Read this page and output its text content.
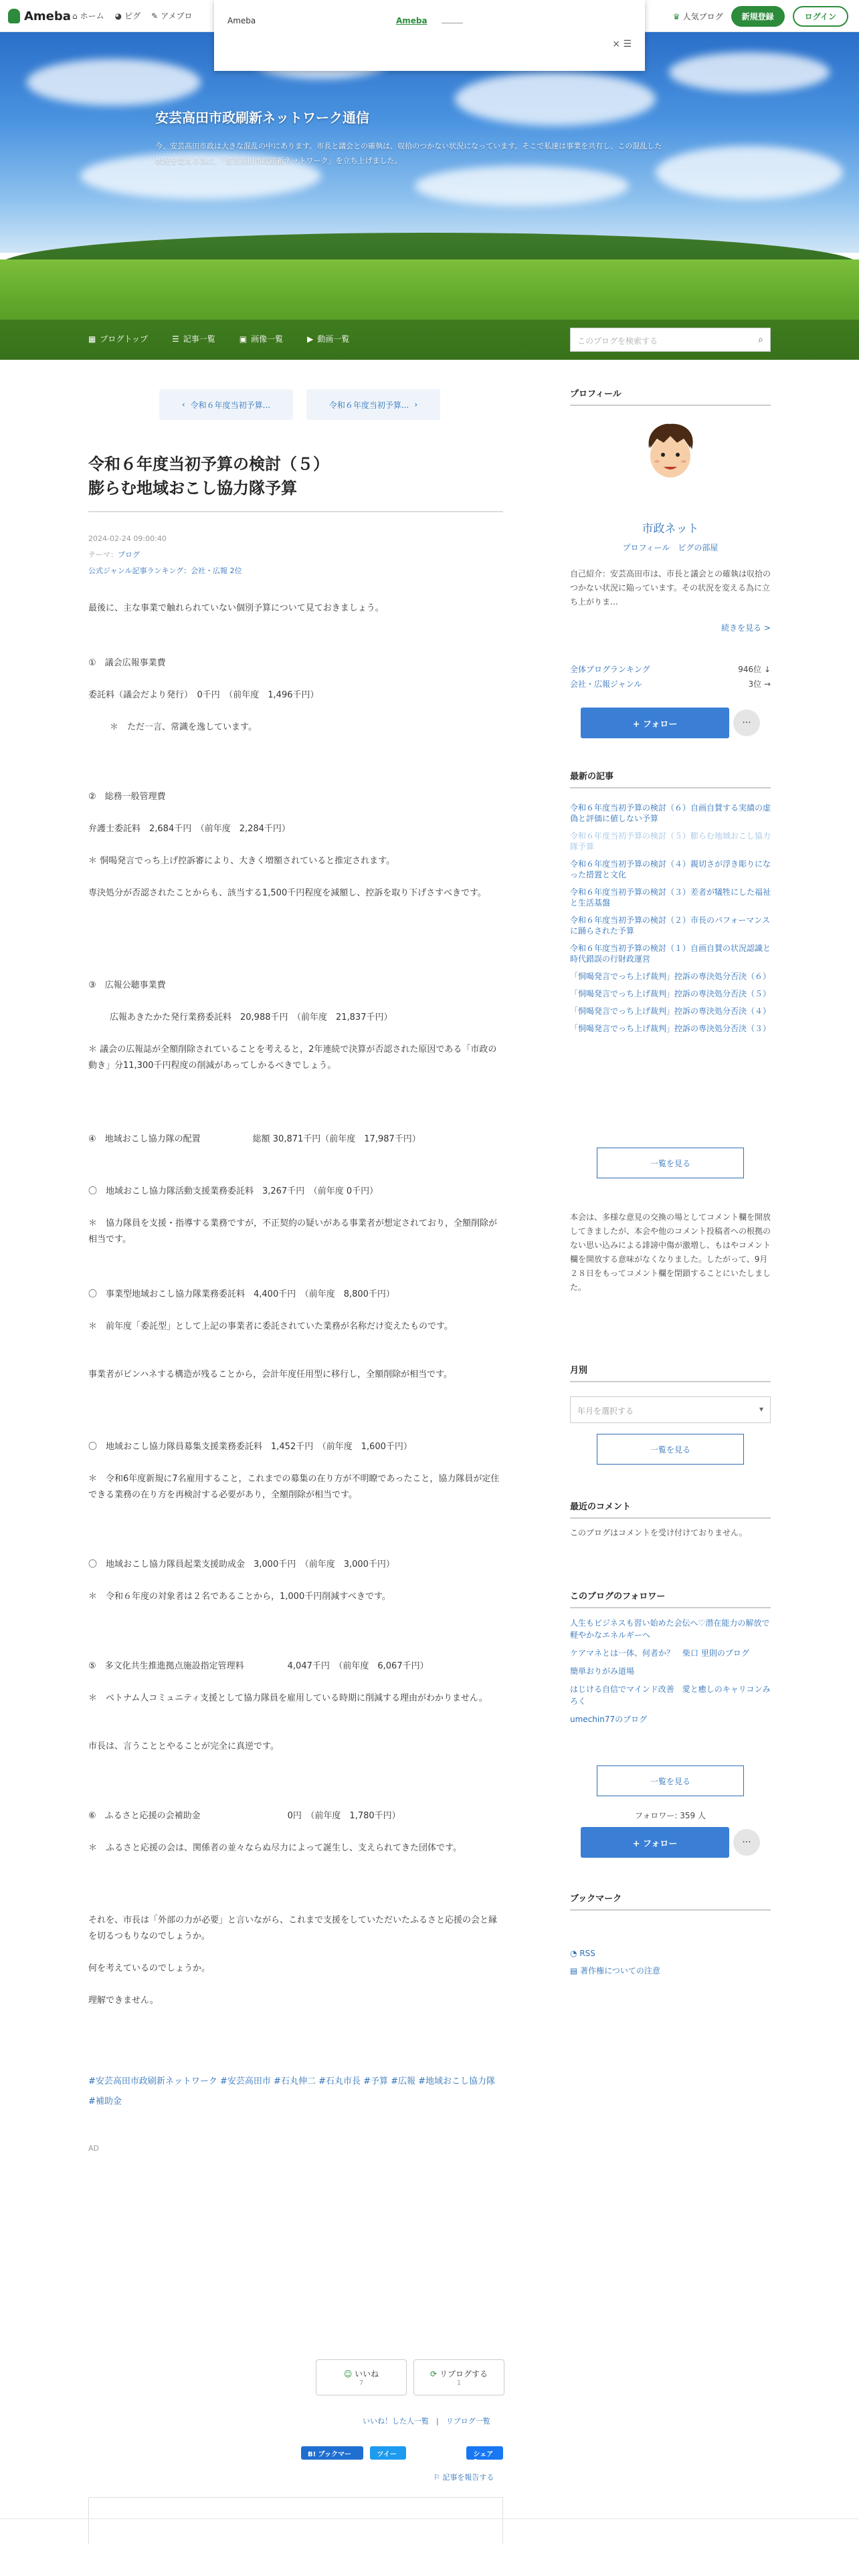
Ameba ⌂ ホーム ◕ ピグ ✎ アメブロ	♛ 人気ブログ	新規登録	ログイン
Ameba	Ameba
× ☰
安芸高田市政刷新ネットワーク通信
今、安芸高田市政は大きな混乱の中にあります。市長と議会との確執は、収拾のつかない状況になっています。そこで私達は事業を共有し、この混乱した状況を変える為に、「安芸高田市政刷新ネットワーク」を立ち上げました。
▦ ブログトップ	☰ 記事一覧	▣ 画像一覧	▶ 動画一覧	このブログを検索する	⌕
‹ 令和６年度当初予算...	令和６年度当初予算... ›
令和６年度当初予算の検討（５）
膨らむ地域おこし協力隊予算
2024-02-24 09:00:40
テーマ：ブログ
公式ジャンル記事ランキング：会社・広報 2位

最後に、主な事業で触れられていない個別予算について見ておきましょう。

①　議会広報事業費

委託料（議会だより発行）　0千円　（前年度　1,496千円）

＊　ただ一言、常識を逸しています。

②　総務一般管理費

弁護士委託料　2,684千円　（前年度　2,284千円）

＊ 恫喝発言でっち上げ控訴審により、大きく増額されていると推定されます。

専決処分が否認されたことからも、該当する1,500千円程度を減額し、控訴を取り下げさすべきです。

③　広報公聴事業費

広報あきたかた発行業務委託料　20,988千円　（前年度　21,837千円）

＊ 議会の広報誌が全額削除されていることを考えると，2年連続で決算が否認された原因である「市政の動き」分11,300千円程度の削減があってしかるべきでしょう。

④　地域おこし協力隊の配置　　　　　　総額 30,871千円（前年度　17,987千円）

〇　地域おこし協力隊活動支援業務委託料　3,267千円　（前年度 0千円）

＊　協力隊員を支援・指導する業務ですが，不正契約の疑いがある事業者が想定されており，全額削除が相当です。

〇　事業型地域おこし協力隊業務委託料　4,400千円　（前年度　8,800千円）

＊　前年度「委託型」として上記の事業者に委託されていた業務が名称だけ変えたものです。

事業者がピンハネする構造が残ることから，会計年度任用型に移行し，全額削除が相当です。

〇　地域おこし協力隊員募集支援業務委託料　1,452千円　（前年度　1,600千円）

＊　令和6年度新規に7名雇用すること，これまでの募集の在り方が不明瞭であったこと，協力隊員が定住できる業務の在り方を再検討する必要があり，全額削除が相当です。

〇　地域おこし協力隊員起業支援助成金　3,000千円　（前年度　3,000千円）

＊　令和６年度の対象者は２名であることから，1,000千円削減すべきです。

⑤　多文化共生推進拠点施設指定管理料　　　　　4,047千円　（前年度　6,067千円）

＊　ベトナム人コミュニティ支援として協力隊員を雇用している時期に削減する理由がわかりません。

市長は、言うこととやることが完全に真逆です。

⑥　ふるさと応援の会補助金　　　　　　　　　　0円　（前年度　1,780千円）

＊　ふるさと応援の会は、関係者の並々ならぬ尽力によって誕生し、支えられてきた団体です。

それを、市長は「外部の力が必要」と言いながら、これまで支援をしていただいたふるさと応援の会と縁を切るつもりなのでしょうか。

何を考えているのでしょうか。

理解できません。

#安芸高田市政刷新ネットワーク #安芸高田市 #石丸伸二 #石丸市長 #予算 #広報 #地域おこし協力隊 #補助金
AD
☺ いいね
7
⟳ リブログする
1
いいね！した人一覧　|　リブログ一覧
B! ブックマーク 0
ツイート
シェア 0
⚐ 記事を報告する
プロフィール
市政ネット
プロフィール　ピグの部屋
自己紹介：安芸高田市は、市長と議会との確執は収拾のつかない状況に陥っています。その状況を変える為に立ち上がりま…
続きを見る >
全体ブログランキング	946位 ↓
会社・広報ジャンル	3位 →
+ フォロー	···
最新の記事
令和６年度当初予算の検討（６）自画自賛する実績の虚偽と評価に値しない予算
令和６年度当初予算の検討（５）膨らむ地域おこし協力隊予算
令和６年度当初予算の検討（４）親切さが浮き彫りになった措置と文化
令和６年度当初予算の検討（３）差者が犠牲にした福祉と生活基盤
令和６年度当初予算の検討（２）市長のパフォーマンスに踊らされた予算
令和６年度当初予算の検討（１）自画自賛の状況認識と時代錯誤の行財政運営
「恫喝発言でっち上げ裁判」控訴の専決処分否決（６）
「恫喝発言でっち上げ裁判」控訴の専決処分否決（５）
「恫喝発言でっち上げ裁判」控訴の専決処分否決（４）
「恫喝発言でっち上げ裁判」控訴の専決処分否決（３）
一覧を見る
本会は、多様な意見の交換の場としてコメント欄を開放してきましたが、本会や他のコメント投稿者への根拠のない思い込みによる誹謗中傷が激増し、もはやコメント欄を開放する意味がなくなりました。したがって、9月２８日をもってコメント欄を閉鎖することにいたしました。
月別
年月を選択する	▾
一覧を見る
最近のコメント
このブログはコメントを受け付けておりません。
このブログのフォロワー
人生もビジネスも習い始めた会伝へ♡潜在能力の解放で軽やかなエネルギーへ
ケアマネとは一体、何者か？　柴口 里則のブログ
簡単おりがみ道場
はじける自信でマインド改善　愛と癒しのキャリコンみろく
umechin77のブログ
一覧を見る
フォロワー: 359 人
+ フォロー	···
ブックマーク
◔ RSS
▤ 著作権についての注意
